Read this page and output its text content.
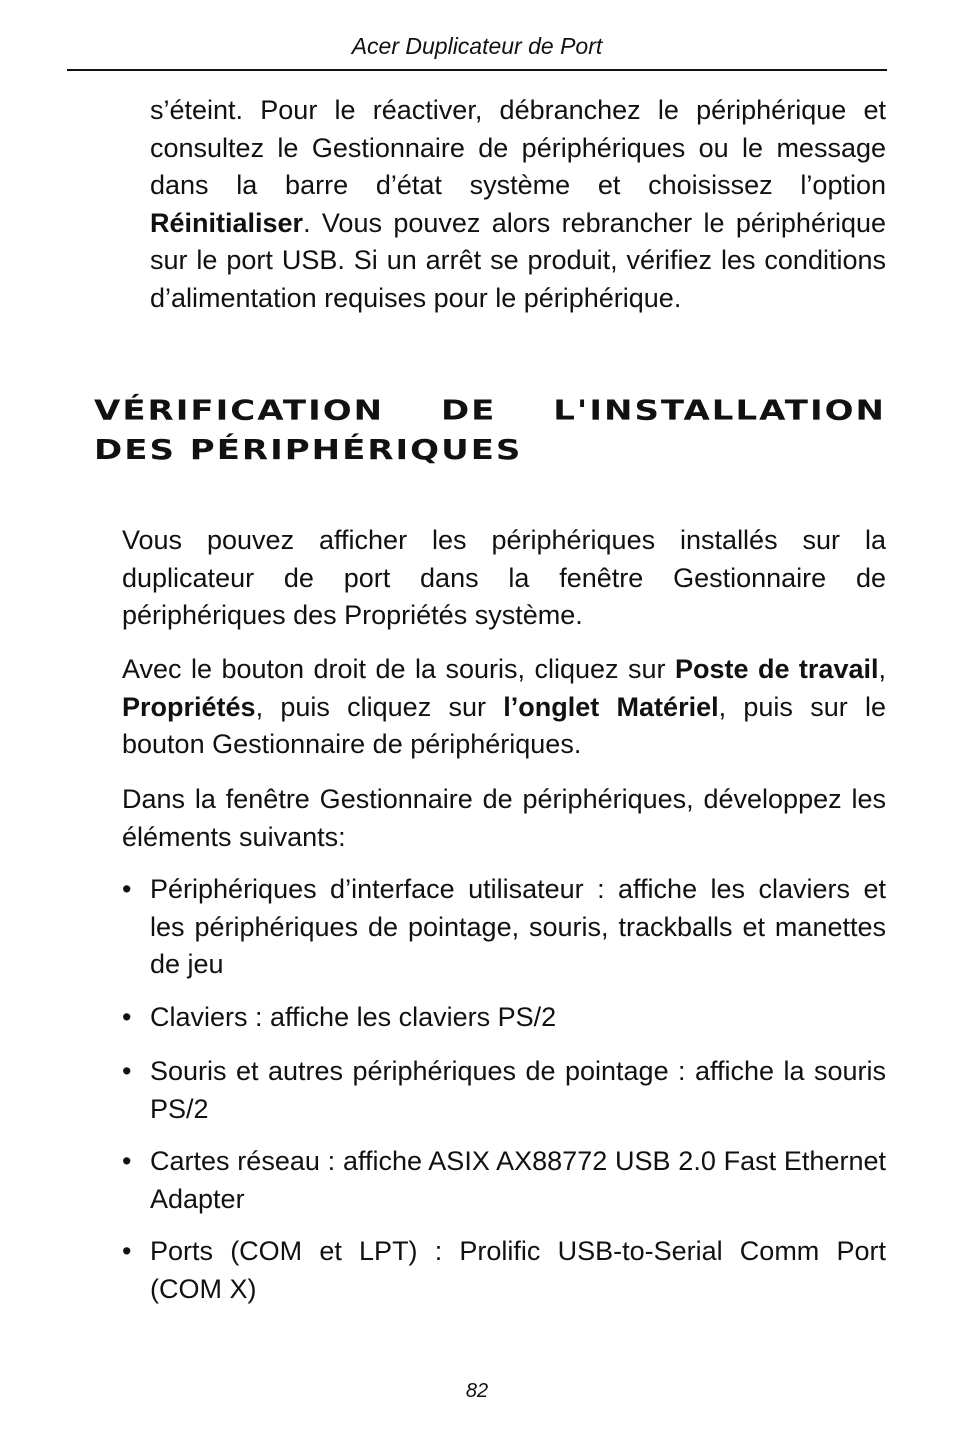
Acer Duplicateur de Port

s’éteint. Pour le réactiver, débranchez le périphérique et consultez le Gestionnaire de périphériques ou le message dans la barre d’état système et choisissez l’option Réinitialiser. Vous pouvez alors rebrancher le périphérique sur le port USB. Si un arrêt se produit, vérifiez les conditions d’alimentation requises pour le périphérique.

VÉRIFICATION DE L'INSTALLATION DES PÉRIPHÉRIQUES

Vous pouvez afficher les périphériques installés sur la duplicateur de port dans la fenêtre Gestionnaire de périphériques des Propriétés système.

Avec le bouton droit de la souris, cliquez sur Poste de travail, Propriétés, puis cliquez sur l’onglet Matériel, puis sur le bouton Gestionnaire de périphériques.

Dans la fenêtre Gestionnaire de périphériques, développez les éléments suivants:

• Périphériques d’interface utilisateur : affiche les claviers et les périphériques de pointage, souris, trackballs et manettes de jeu
• Claviers : affiche les claviers PS/2
• Souris et autres périphériques de pointage : affiche la souris PS/2
• Cartes réseau : affiche ASIX AX88772 USB 2.0 Fast Ethernet Adapter
• Ports (COM et LPT) : Prolific USB-to-Serial Comm Port (COM X)
82
